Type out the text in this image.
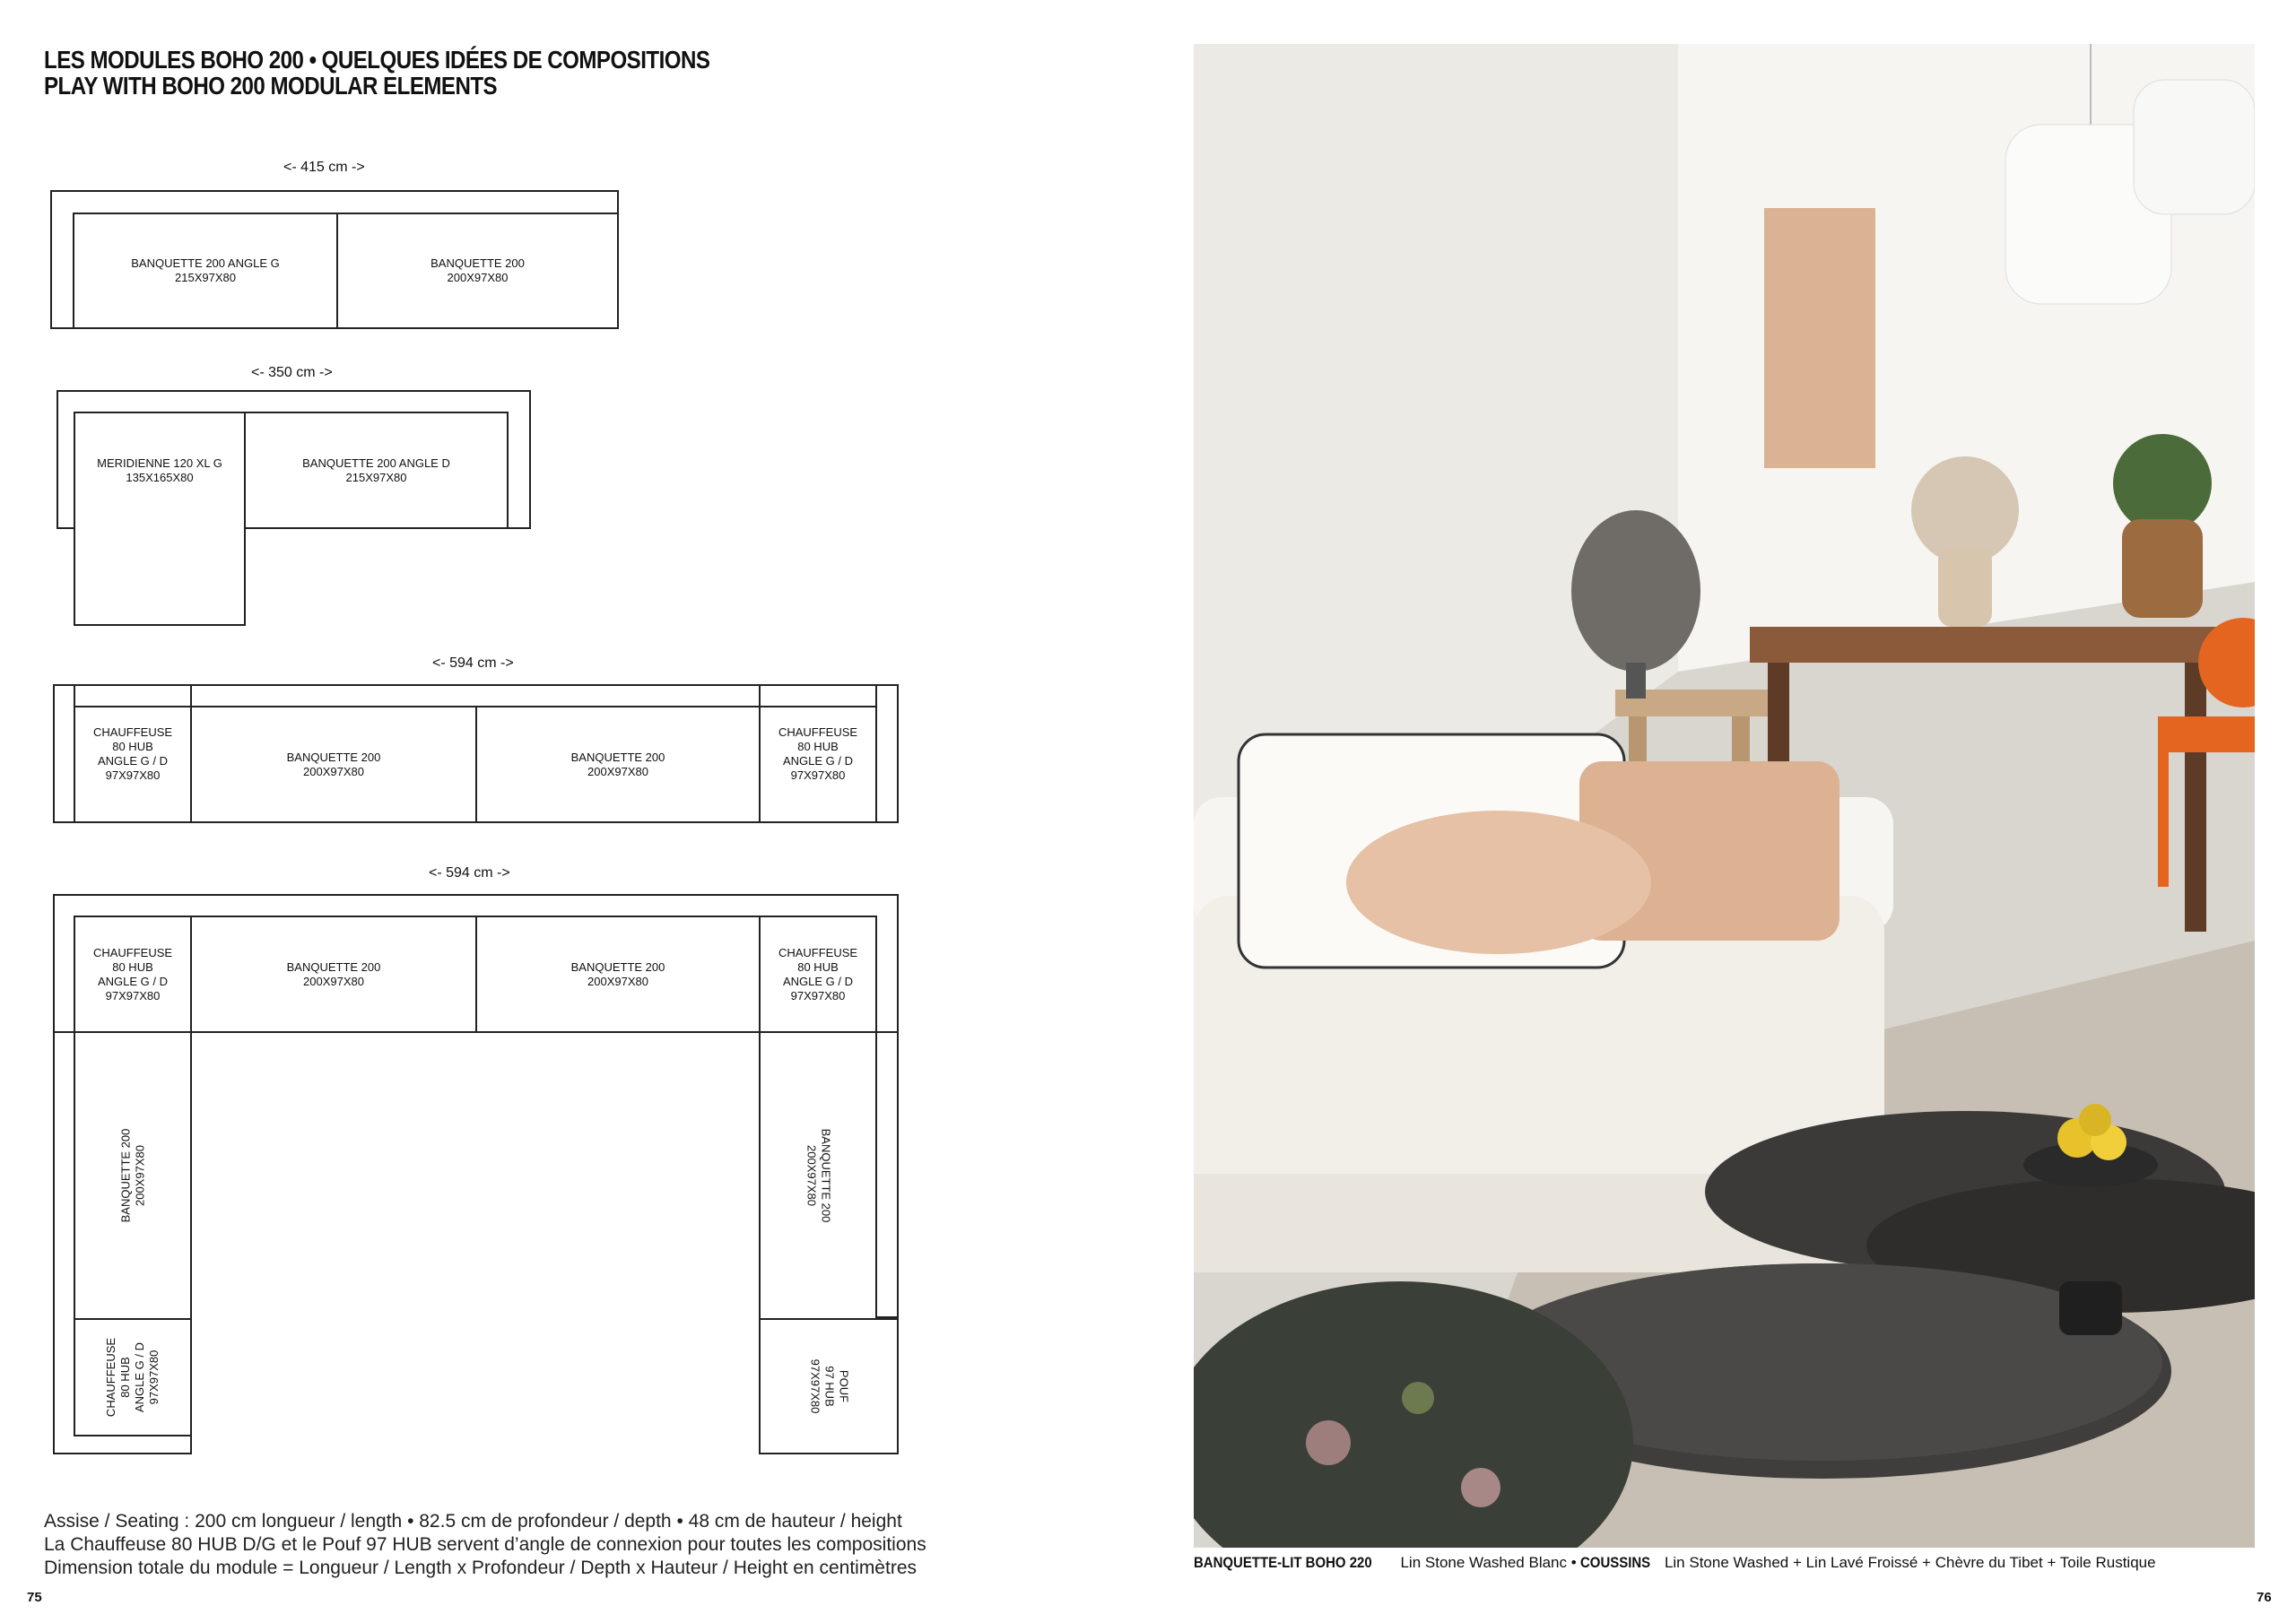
LES MODULES BOHO 200 • QUELQUES IDÉES DE COMPOSITIONS
PLAY WITH BOHO 200 MODULAR ELEMENTS
<- 415 cm ->
BANQUETTE 200 ANGLE G
215X97X80
BANQUETTE 200
200X97X80
<- 350 cm ->
MERIDIENNE 120 XL G
135X165X80
BANQUETTE 200 ANGLE D
215X97X80
<- 594 cm ->
CHAUFFEUSE
80 HUB
ANGLE G / D
97X97X80
BANQUETTE 200
200X97X80
BANQUETTE 200
200X97X80
CHAUFFEUSE
80 HUB
ANGLE G / D
97X97X80
<- 594 cm ->
CHAUFFEUSE
80 HUB
ANGLE G / D
97X97X80
BANQUETTE 200
200X97X80
BANQUETTE 200
200X97X80
CHAUFFEUSE
80 HUB
ANGLE G / D
97X97X80
BANQUETTE 200 200X97X80
CHAUFFEUSE 80 HUB ANGLE G / D 97X97X80
BANQUETTE 200
200X97X80
POUF
97 HUB
97X97X80
Assise / Seating : 200 cm longueur / length • 82.5 cm de profondeur / depth • 48 cm de hauteur / height
La Chauffeuse 80 HUB D/G et le Pouf 97 HUB servent d’angle de connexion pour toutes les compositions
Dimension totale du module = Longueur / Length x Profondeur / Depth x Hauteur / Height en centimètres
75	76
BANQUETTE-LIT BOHO 220 Lin Stone Washed Blanc • COUSSINS Lin Stone Washed + Lin Lavé Froissé + Chèvre du Tibet + Toile Rustique
